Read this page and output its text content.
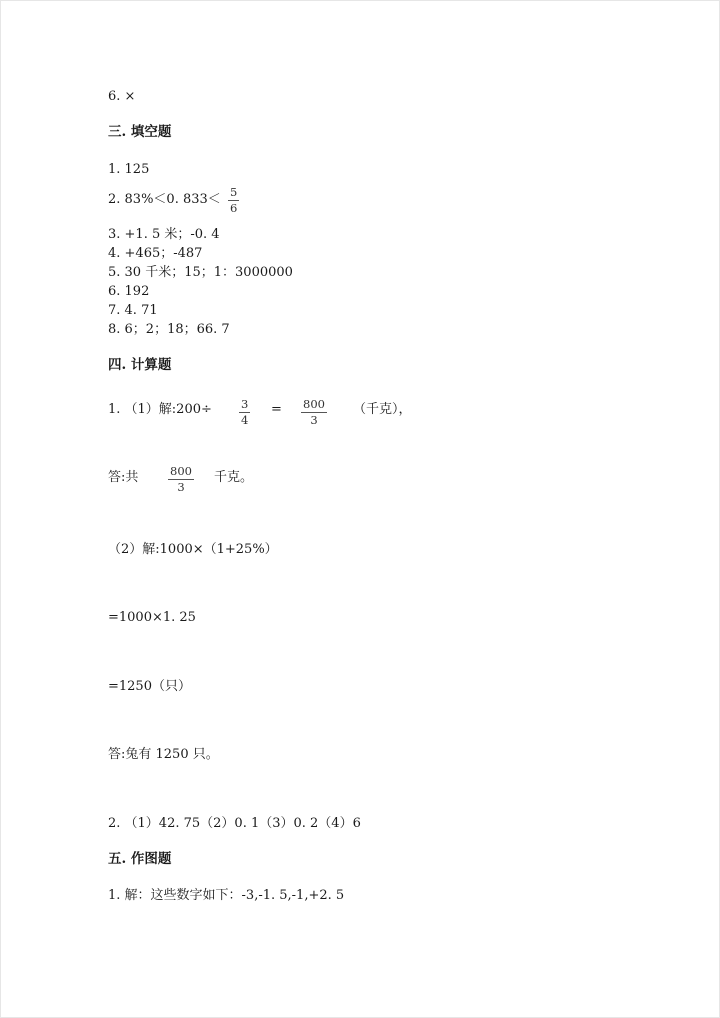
6. ×
三. 填空题
1. 125
2. 83%＜0. 833＜ 5
6
3. +1. 5 米；-0. 4
4. +465；-487
5. 30 千米；15；1：3000000
6. 192
7. 4. 71
8. 6；2；18；66. 7
四. 计算题
1. （1）解:200÷	3
4
= 800
3
（千克），
答:共	800
3
千克。
（2）解:1000×（1+25%）
=1000×1. 25
=1250（只）
答:兔有 1250 只。
2. （1）42. 75（2）0. 1（3）0. 2（4）6
五. 作图题
1. 解：这些数字如下：-3,-1. 5,-1,+2. 5
